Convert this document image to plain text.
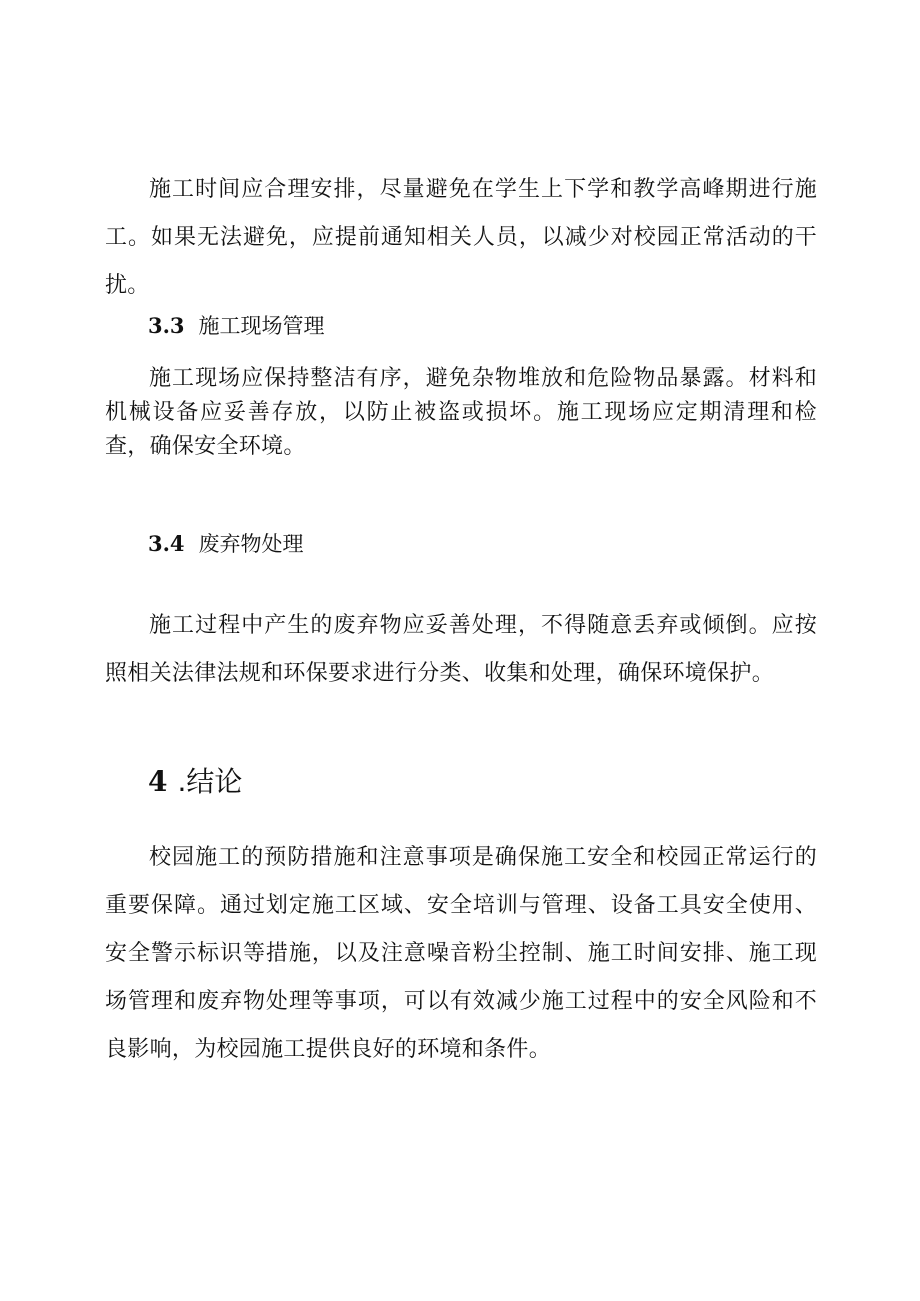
施工时间应合理安排，尽量避免在学生上下学和教学高峰期进行施工。如果无法避免，应提前通知相关人员，以减少对校园正常活动的干扰。

3.3 施工现场管理

施工现场应保持整洁有序，避免杂物堆放和危险物品暴露。材料和机械设备应妥善存放，以防止被盗或损坏。施工现场应定期清理和检查，确保安全环境。

3.4 废弃物处理

施工过程中产生的废弃物应妥善处理，不得随意丢弃或倾倒。应按照相关法律法规和环保要求进行分类、收集和处理，确保环境保护。

4 .结论

校园施工的预防措施和注意事项是确保施工安全和校园正常运行的重要保障。通过划定施工区域、安全培训与管理、设备工具安全使用、安全警示标识等措施，以及注意噪音粉尘控制、施工时间安排、施工现场管理和废弃物处理等事项，可以有效减少施工过程中的安全风险和不良影响，为校园施工提供良好的环境和条件。
